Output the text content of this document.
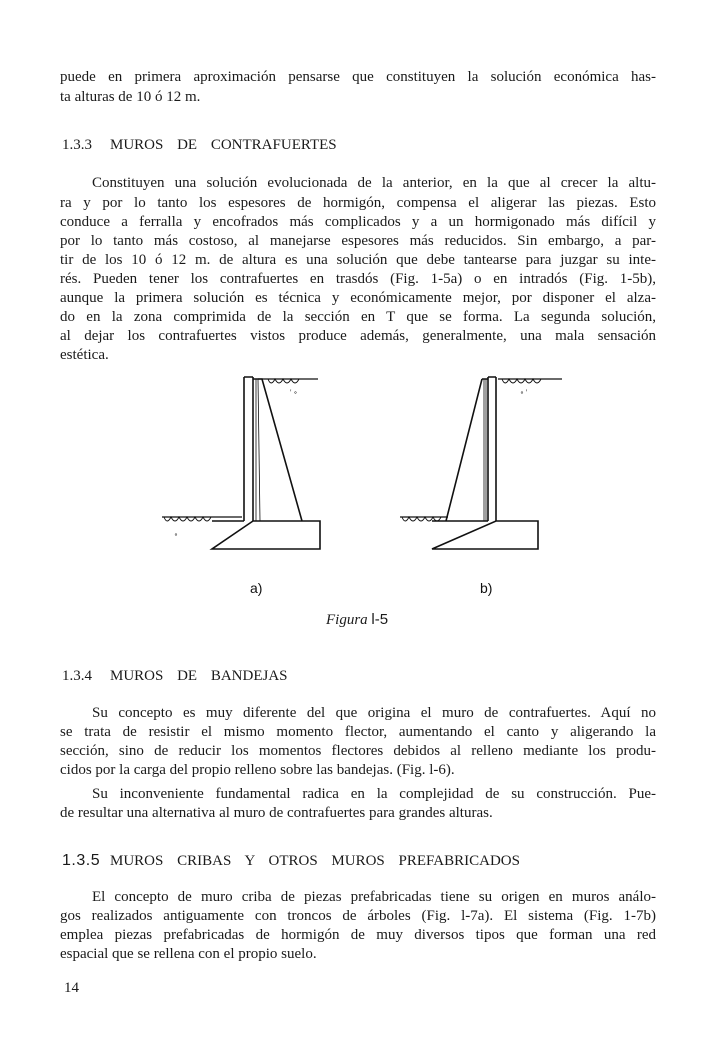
puede en primera aproximación pensarse que constituyen la solución económica has-
ta alturas de 10 ó 12 m.
1.3.3 MUROS DE CONTRAFUERTES
Constituyen una solución evolucionada de la anterior, en la que al crecer la altu-
ra y por lo tanto los espesores de hormigón, compensa el aligerar las piezas. Esto
conduce a ferralla y encofrados más complicados y a un hormigonado más difícil y
por lo tanto más costoso, al manejarse espesores más reducidos. Sin embargo, a par-
tir de los 10 ó 12 m. de altura es una solución que debe tantearse para juzgar su inte-
rés. Pueden tener los contrafuertes en trasdós (Fig. 1-5a) o en intradós (Fig. 1-5b),
aunque la primera solución es técnica y económicamente mejor, por disponer el alza-
do en la zona comprimida de la sección en T que se forma. La segunda solución,
al dejar los contrafuertes vistos produce además, generalmente, una mala sensación
estética.
' ∘
∘
∘ '
a)	b)
Figura l-5
1.3.4 MUROS DE BANDEJAS
Su concepto es muy diferente del que origina el muro de contrafuertes. Aquí no
se trata de resistir el mismo momento flector, aumentando el canto y aligerando la
sección, sino de reducir los momentos flectores debidos al relleno mediante los produ-
cidos por la carga del propio relleno sobre las bandejas. (Fig. l-6).
Su inconveniente fundamental radica en la complejidad de su construcción. Pue-
de resultar una alternativa al muro de contrafuertes para grandes alturas.
1.3.5 MUROS CRIBAS Y OTROS MUROS PREFABRICADOS
El concepto de muro criba de piezas prefabricadas tiene su origen en muros análo-
gos realizados antiguamente con troncos de árboles (Fig. l-7a). El sistema (Fig. 1-7b)
emplea piezas prefabricadas de hormigón de muy diversos tipos que forman una red
espacial que se rellena con el propio suelo.
14
